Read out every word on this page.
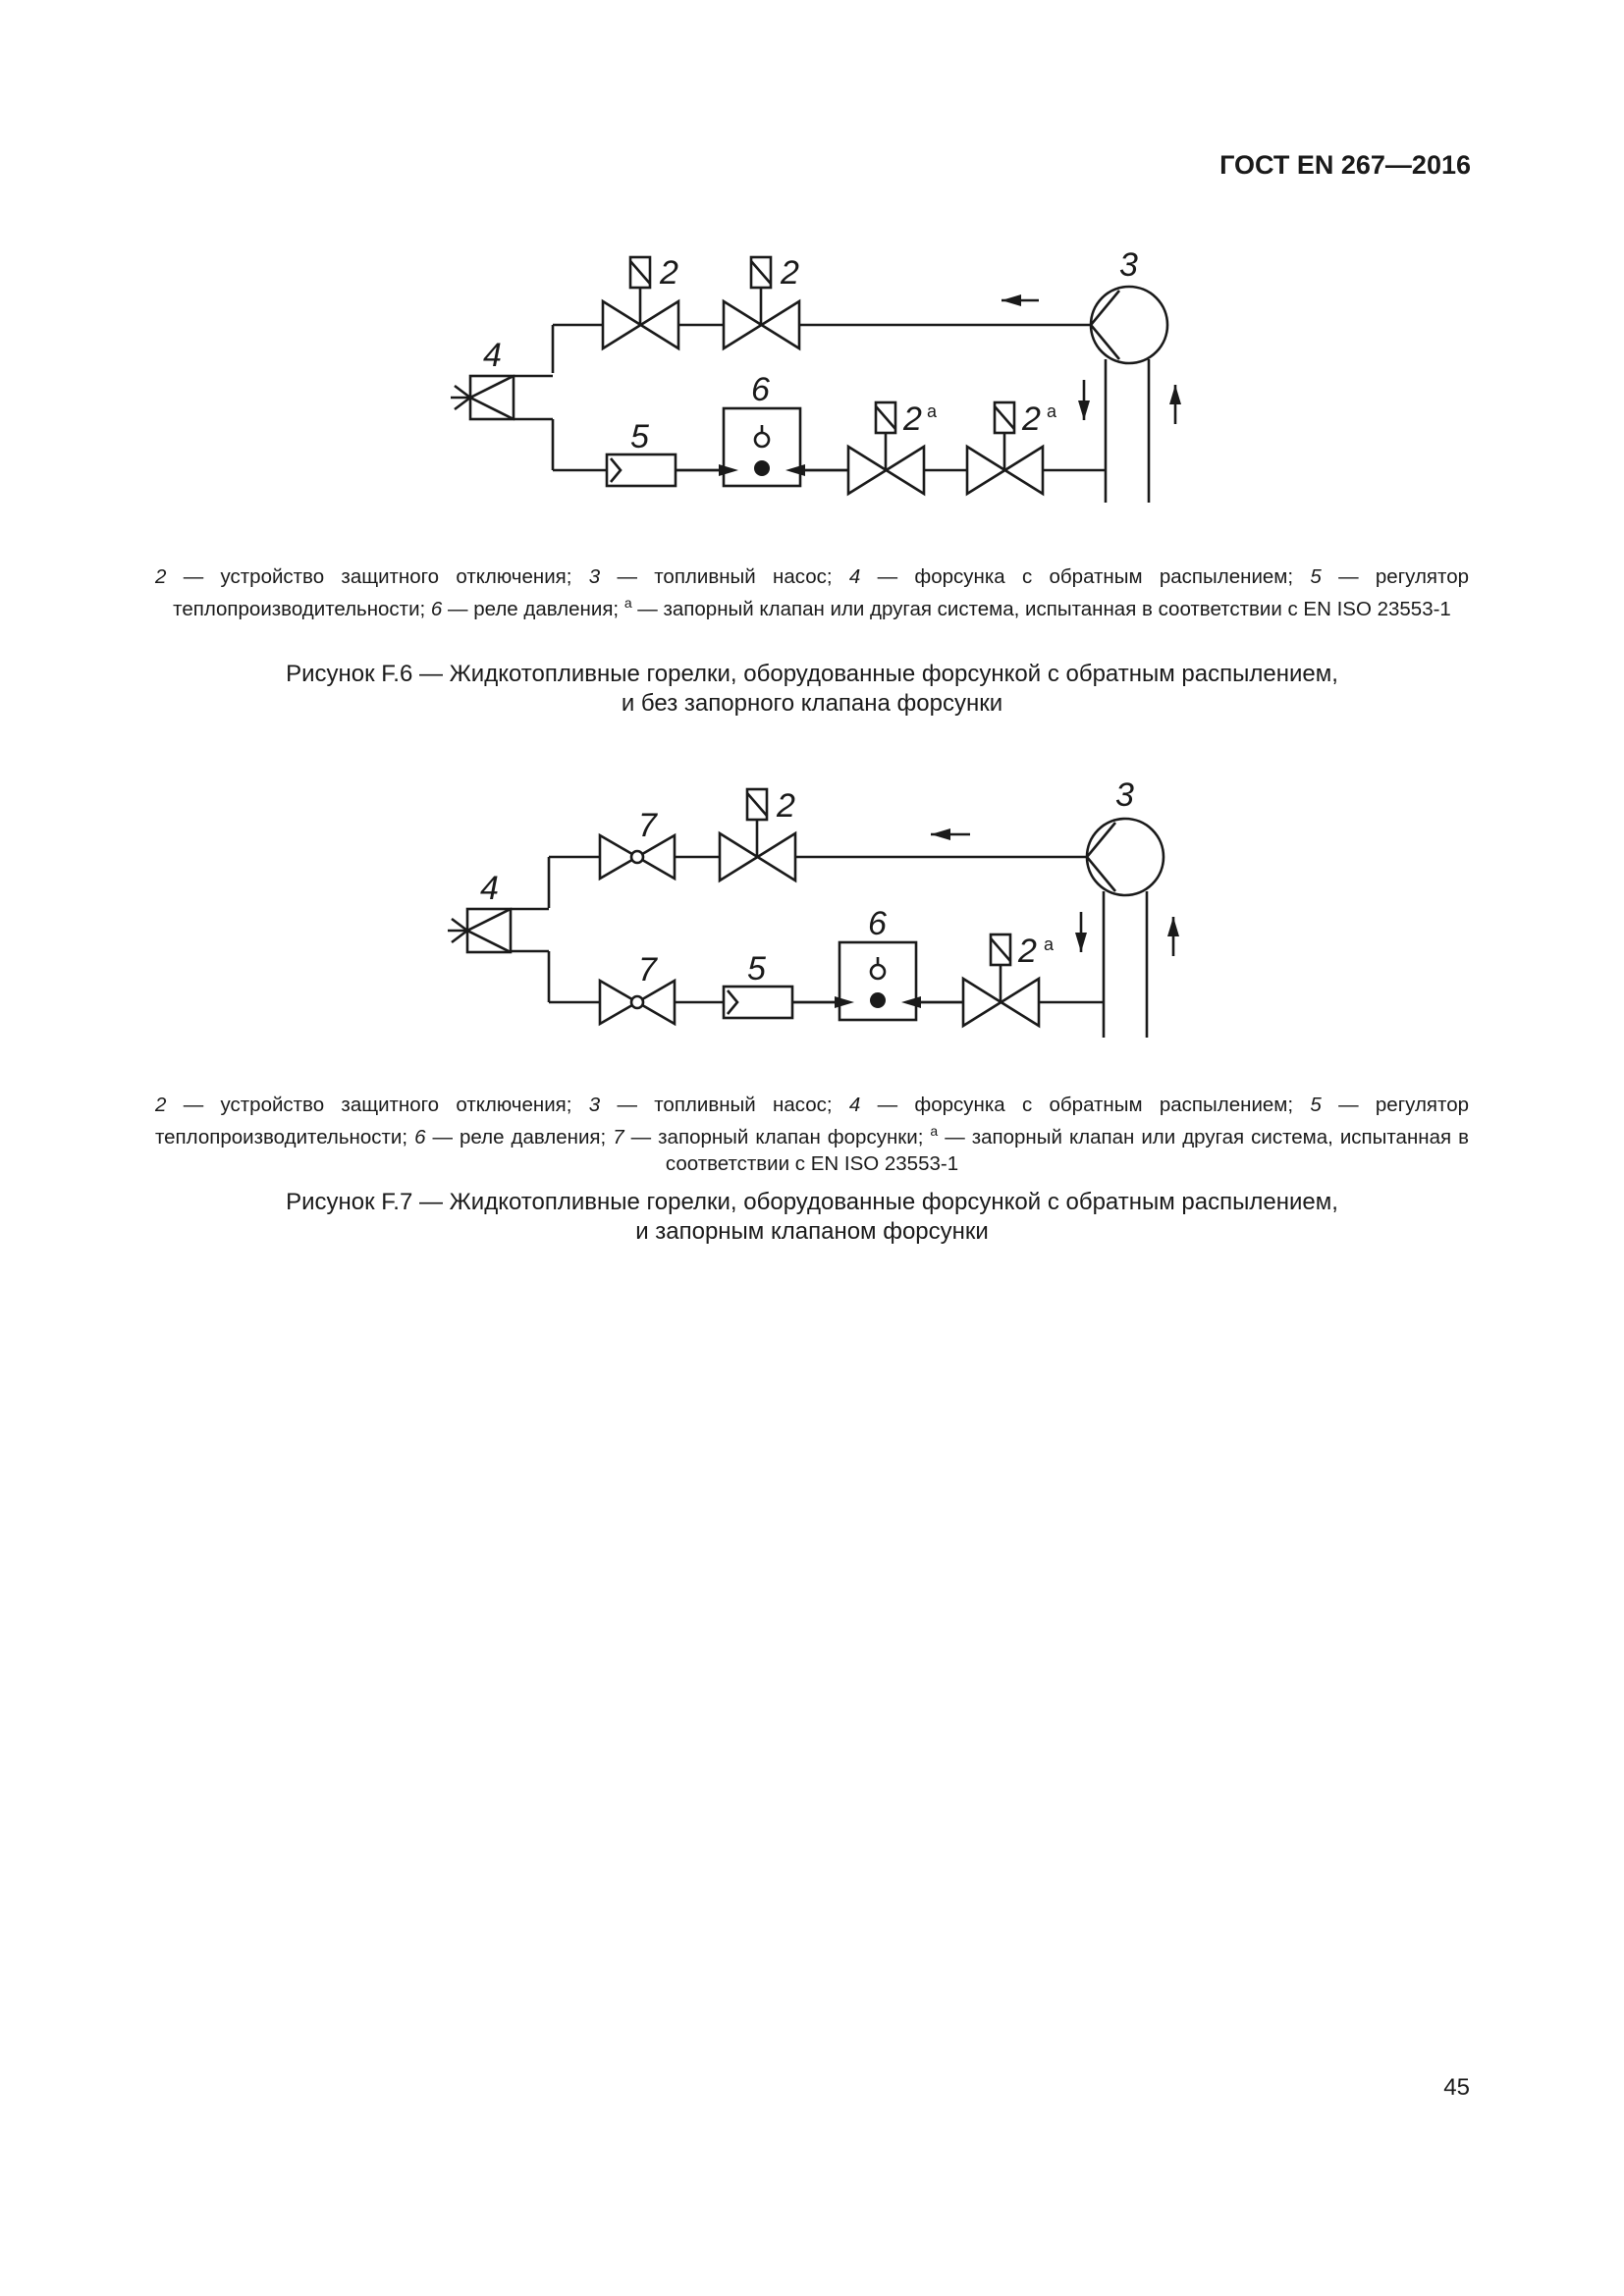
ГОСТ EN 267—2016
3
4
2	2
5
6
2 а	2 а
3
4
7
2
7	5
6
2 а
2 — устройство защитного отключения; 3 — топливный насос; 4 — форсунка с обратным распылением; 5 — регулятор теплопроизводительности; 6 — реле давления; $^а$ — запорный клапан или другая система, испытанная в соответствии с EN ISO 23553-1
Рисунок F.6 — Жидкотопливные горелки, оборудованные форсункой с обратным распылением,
и без запорного клапана форсунки
2 — устройство защитного отключения; 3 — топливный насос; 4 — форсунка с обратным распылением; 5 — регулятор теплопроизводительности; 6 — реле давления; 7 — запорный клапан форсунки; $^а$ — запорный клапан или другая система, испытанная в соответствии с EN ISO 23553-1
Рисунок F.7 — Жидкотопливные горелки, оборудованные форсункой с обратным распылением,
и запорным клапаном форсунки
45
